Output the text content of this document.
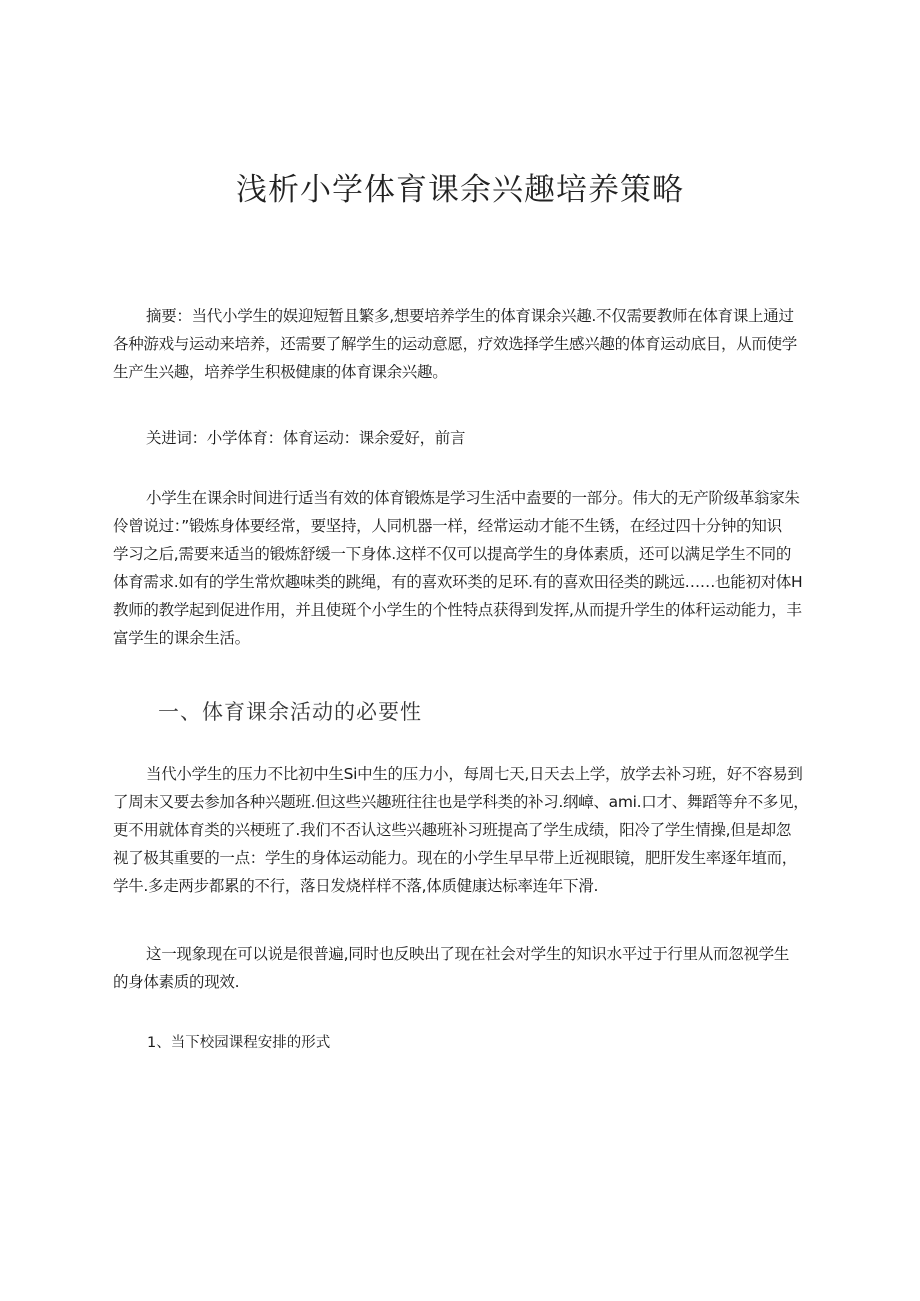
浅析小学体育课余兴趣培养策略

摘要：当代小学生的娱迎短暂且繁多,想要培养学生的体育课余兴趣.不仅需要教师在体育课上通过
各种游戏与运动来培养，还需要了解学生的运动意愿，疗效选择学生感兴趣的体育运动底目，从而使学
生产生兴趣，培养学生积极健康的体育课余兴趣。

关进词：小学体育：体育运动：课余爱好，前言

小学生在课余时间进行适当有效的体育锻炼是学习生活中盍要的一部分。伟大的无产阶级革翁家朱
伶曾说过：”锻炼身体要经常，要坚持，人同机器一样，经常运动才能不生锈，在经过四十分钟的知识
学习之后,需要来适当的锻炼舒缓一下身体.这样不仅可以提高学生的身体素质，还可以满足学生不同的
体育需求.如有的学生常炊趣味类的跳绳，有的喜欢环类的足环.有的喜欢田径类的跳远……也能初对体H
教师的教学起到促进作用，并且使斑个小学生的个性特点获得到发挥,从而提升学生的体秆运动能力，丰
富学生的课余生活。

一、体育课余活动的必要性

当代小学生的压力不比初中生Si中生的压力小，每周七天,日天去上学，放学去补习班，好不容易到
了周末又要去参加各种兴题班.但这些兴趣班往往也是学科类的补习.纲嶂、ami.口才、舞蹈等弁不多见，
更不用就体育类的兴梗班了.我们不否认这些兴趣班补习班提高了学生成绩，阳冷了学生情操,但是却忽
视了极其重要的一点：学生的身体运动能力。现在的小学生早早带上近视眼镜，肥肝发生率逐年埴而，
学牛.多走两步都累的不行，落日发烧样样不落,体质健康达标率连年下滑.

这一现象现在可以说是很普遍,同时也反映出了现在社会对学生的知识水平过于行里从而忽视学生
的身体素质的现效.

1、当下校园课程安排的形式
